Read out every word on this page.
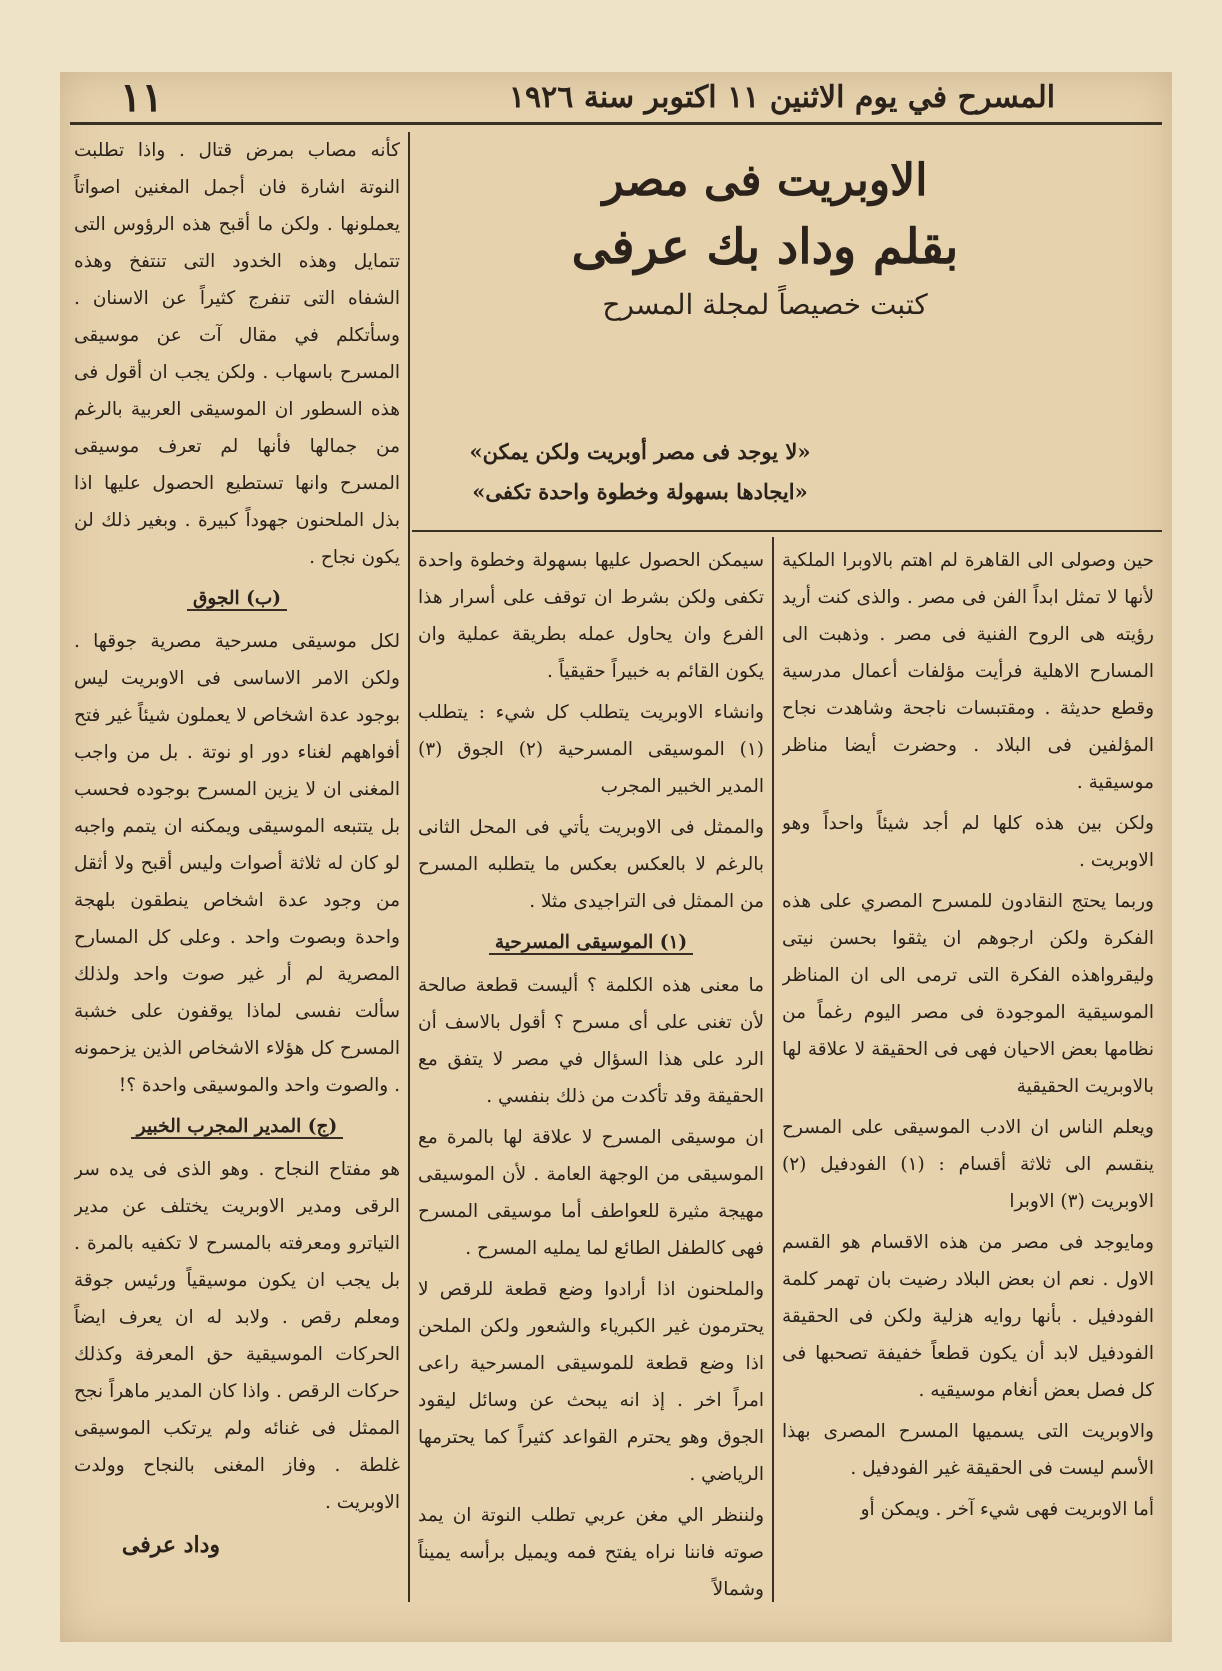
المسرح في يوم الاثنين ١١ اكتوبر سنة ١٩٢٦
١١
الاوبريت فى مصر
بقلم وداد بك عرفى
كتبت خصيصاً لمجلة المسرح
«لا يوجد فى مصر أوبريت ولكن يمكن»
«ايجادها بسهولة وخطوة واحدة تكفى»

حين وصولى الى القاهرة لم اهتم بالاوبرا الملكية لأنها لا تمثل ابداً الفن فى مصر . والذى كنت أريد رؤيته هى الروح الفنية فى مصر . وذهبت الى المسارح الاهلية فرأيت مؤلفات أعمال مدرسية وقطع حديثة . ومقتبسات ناجحة وشاهدت نجاح المؤلفين فى البلاد . وحضرت أيضا مناظر موسيقية .

ولكن بين هذه كلها لم أجد شيئاً واحداً وهو الاوبريت .

وربما يحتج النقادون للمسرح المصري على هذه الفكرة ولكن ارجوهم ان يثقوا بحسن نيتى وليقرواهذه الفكرة التى ترمى الى ان المناظر الموسيقية الموجودة فى مصر اليوم رغماً من نظامها بعض الاحيان فهى فى الحقيقة لا علاقة لها بالاوبريت الحقيقية

ويعلم الناس ان الادب الموسيقى على المسرح ينقسم الى ثلاثة أقسام : (١) الفودفيل (٢) الاوبريت (٣) الاوبرا

ومايوجد فى مصر من هذه الاقسام هو القسم الاول . نعم ان بعض البلاد رضيت بان تهمر كلمة الفودفيل . بأنها روايه هزلية ولكن فى الحقيقة الفودفيل لابد أن يكون قطعاً خفيفة تصحبها فى كل فصل بعض أنغام موسيقيه .

والاوبريت التى يسميها المسرح المصرى بهذا الأسم ليست فى الحقيقة غير الفودفيل .

أما الاوبريت فهى شيء آخر . ويمكن أو

سيمكن الحصول عليها بسهولة وخطوة واحدة تكفى ولكن بشرط ان توقف على أسرار هذا الفرع وان يحاول عمله بطريقة عملية وان يكون القائم به خبيراً حقيقياً .

وانشاء الاوبريت يتطلب كل شيء : يتطلب (١) الموسيقى المسرحية (٢) الجوق (٣) المدير الخبير المجرب

والممثل فى الاوبريت يأتي فى المحل الثانى بالرغم لا بالعكس بعكس ما يتطلبه المسرح من الممثل فى التراجيدى مثلا .

(١) الموسيقى المسرحية

ما معنى هذه الكلمة ؟ أليست قطعة صالحة لأن تغنى على أى مسرح ؟ أقول بالاسف أن الرد على هذا السؤال في مصر لا يتفق مع الحقيقة وقد تأكدت من ذلك بنفسي .

ان موسيقى المسرح لا علاقة لها بالمرة مع الموسيقى من الوجهة العامة . لأن الموسيقى مهيجة مثيرة للعواطف أما موسيقى المسرح فهى كالطفل الطائع لما يمليه المسرح .

والملحنون اذا أرادوا وضع قطعة للرقص لا يحترمون غير الكبرياء والشعور ولكن الملحن اذا وضع قطعة للموسيقى المسرحية راعى امراً اخر . إذ انه يبحث عن وسائل ليقود الجوق وهو يحترم القواعد كثيراً كما يحترمها الرياضي .

ولننظر الي مغن عربي تطلب النوتة ان يمد صوته فاننا نراه يفتح فمه ويميل برأسه يميناً وشمالاً

كأنه مصاب بمرض قتال . واذا تطلبت النوتة اشارة فان أجمل المغنين اصواتاً يعملونها . ولكن ما أقبح هذه الرؤوس التى تتمايل وهذه الخدود التى تنتفخ وهذه الشفاه التى تنفرج كثيراً عن الاسنان . وسأتكلم في مقال آت عن موسيقى المسرح باسهاب . ولكن يجب ان أقول فى هذه السطور ان الموسيقى العربية بالرغم من جمالها فأنها لم تعرف موسيقى المسرح وانها تستطيع الحصول عليها اذا بذل الملحنون جهوداً كبيرة . وبغير ذلك لن يكون نجاح .

(ب) الجوق

لكل موسيقى مسرحية مصرية جوقها . ولكن الامر الاساسى فى الاوبريت ليس بوجود عدة اشخاص لا يعملون شيئاً غير فتح أفواههم لغناء دور او نوتة . بل من واجب المغنى ان لا يزين المسرح بوجوده فحسب بل يتتبعه الموسيقى ويمكنه ان يتمم واجبه لو كان له ثلاثة أصوات وليس أقبح ولا أثقل من وجود عدة اشخاص ينطقون بلهجة واحدة وبصوت واحد . وعلى كل المسارح المصرية لم أر غير صوت واحد ولذلك سألت نفسى لماذا يوقفون على خشبة المسرح كل هؤلاء الاشخاص الذين يزحمونه . والصوت واحد والموسيقى واحدة ؟!

(ج) المدير المجرب الخبير

هو مفتاح النجاح . وهو الذى فى يده سر الرقى ومدير الاوبريت يختلف عن مدير التياترو ومعرفته بالمسرح لا تكفيه بالمرة . بل يجب ان يكون موسيقياً ورئيس جوقة ومعلم رقص . ولابد له ان يعرف ايضاً الحركات الموسيقية حق المعرفة وكذلك حركات الرقص . واذا كان المدير ماهراً نجح الممثل فى غنائه ولم يرتكب الموسيقى غلطة . وفاز المغنى بالنجاح وولدت الاوبريت .

وداد عرفى
